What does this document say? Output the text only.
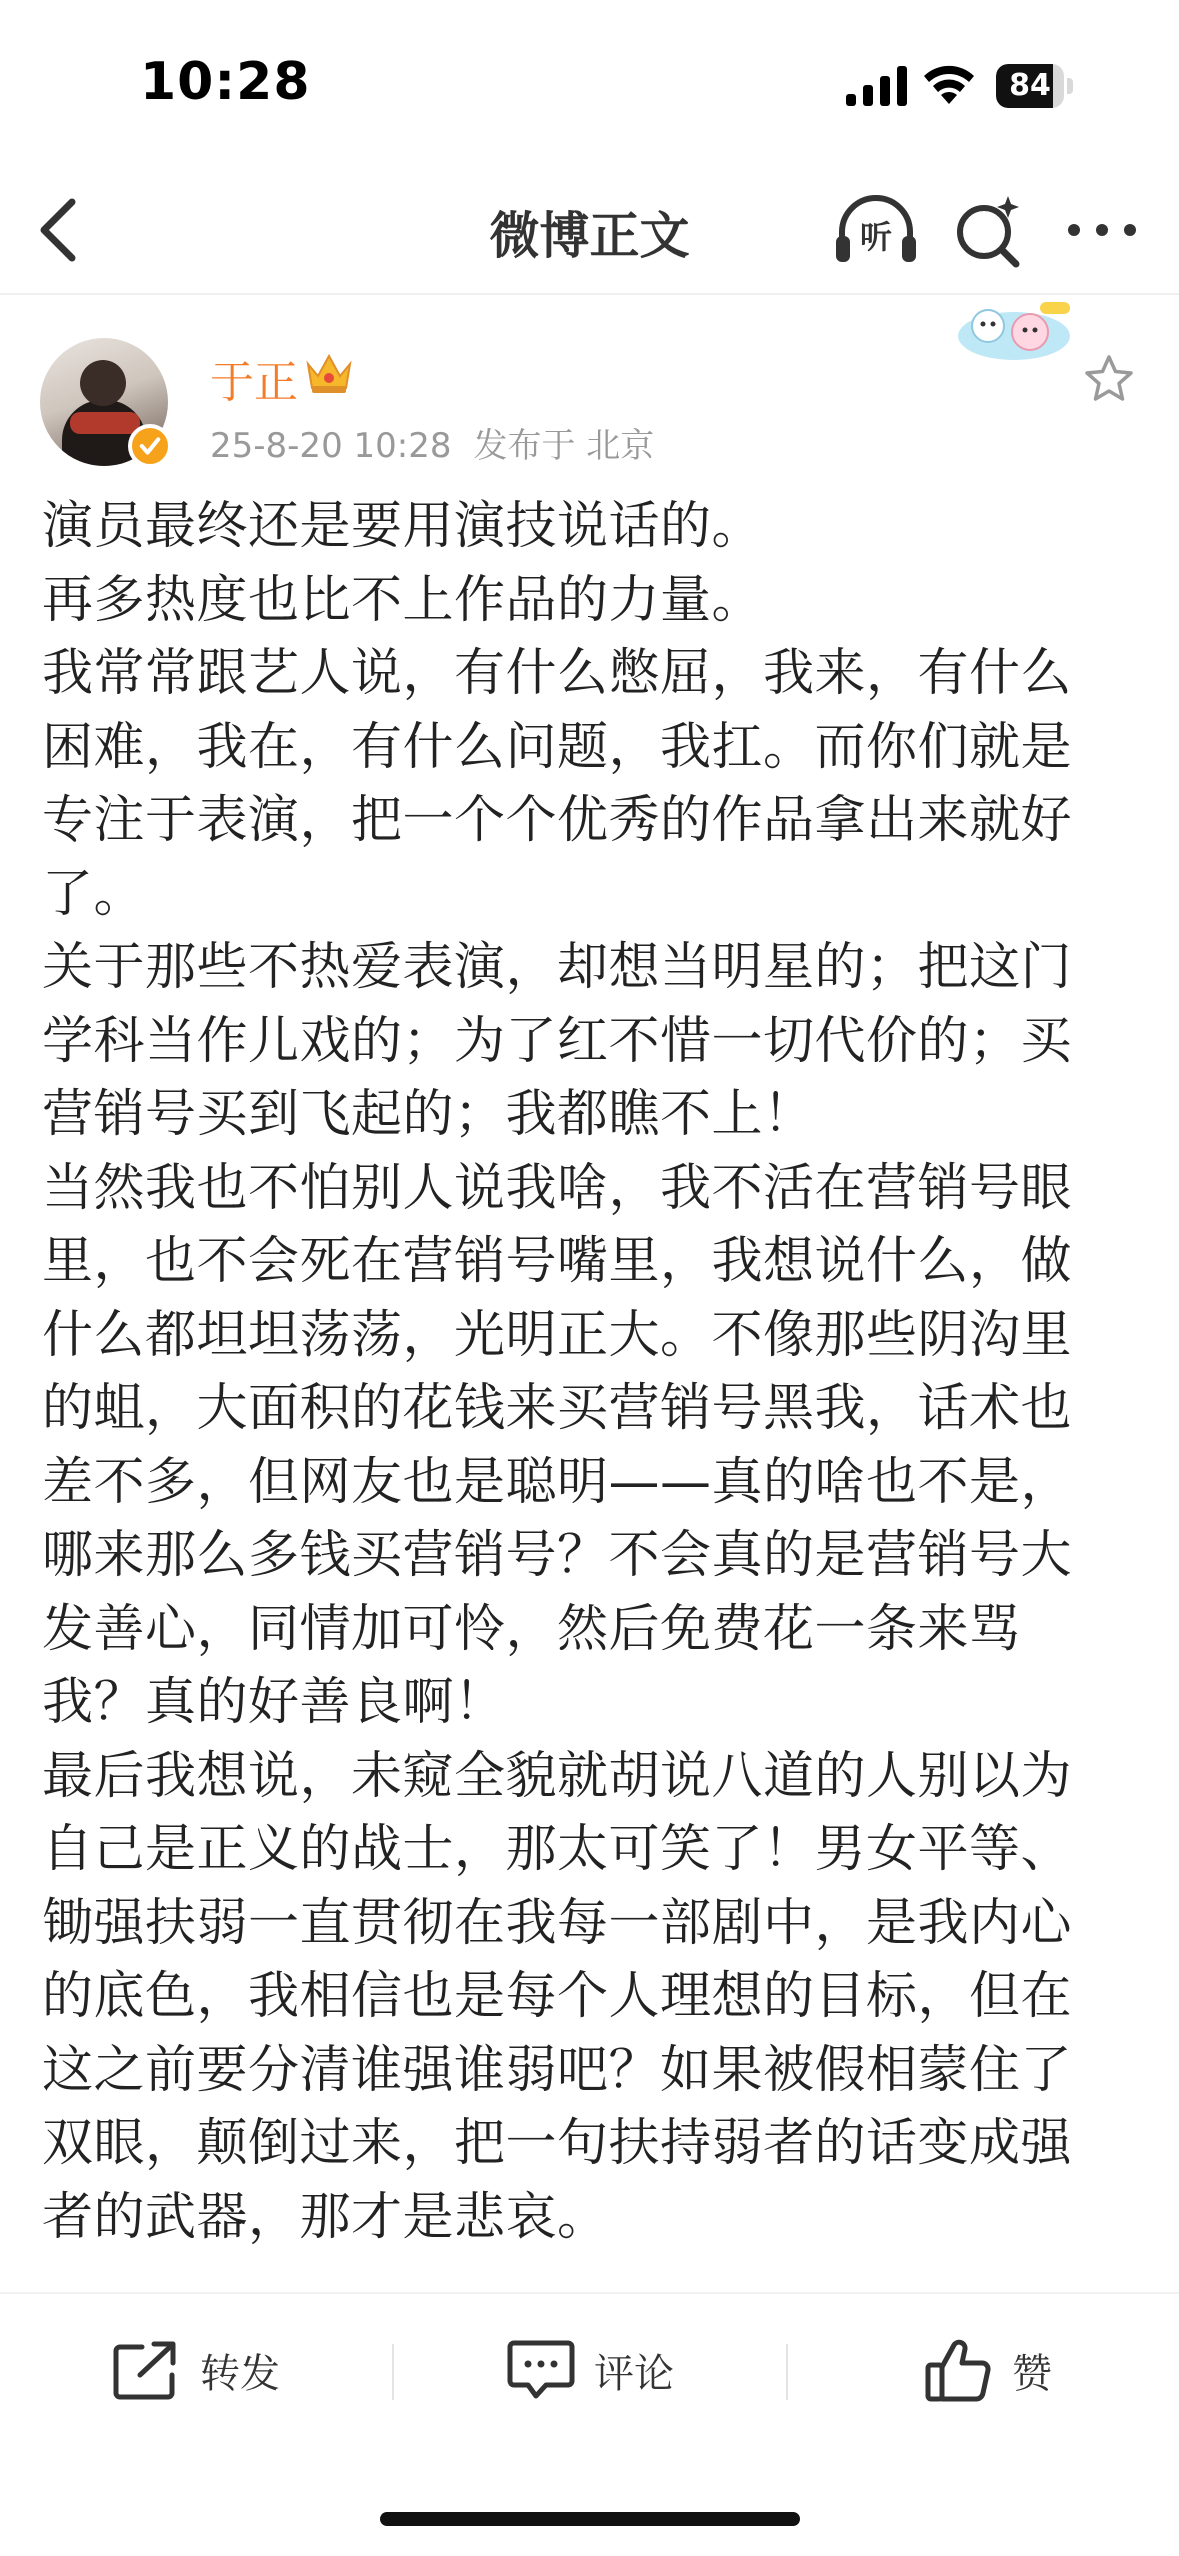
10:28	84
微博正文	听
于正
25-8-20 10:28 发布于 北京
演员最终还是要用演技说话的。
再多热度也比不上作品的力量。
我常常跟艺人说，有什么憋屈，我来，有什么
困难，我在，有什么问题，我扛。而你们就是
专注于表演，把一个个优秀的作品拿出来就好
了。
关于那些不热爱表演，却想当明星的；把这门
学科当作儿戏的；为了红不惜一切代价的；买
营销号买到飞起的；我都瞧不上！
当然我也不怕别人说我啥，我不活在营销号眼
里，也不会死在营销号嘴里，我想说什么，做
什么都坦坦荡荡，光明正大。不像那些阴沟里
的蛆，大面积的花钱来买营销号黑我，话术也
差不多，但网友也是聪明——真的啥也不是，
哪来那么多钱买营销号？不会真的是营销号大
发善心，同情加可怜，然后免费花一条来骂
我？真的好善良啊！
最后我想说，未窥全貌就胡说八道的人别以为
自己是正义的战士，那太可笑了！男女平等、
锄强扶弱一直贯彻在我每一部剧中，是我内心
的底色，我相信也是每个人理想的目标，但在
这之前要分清谁强谁弱吧？如果被假相蒙住了
双眼，颠倒过来，把一句扶持弱者的话变成强
者的武器，那才是悲哀。
转发	评论	赞
